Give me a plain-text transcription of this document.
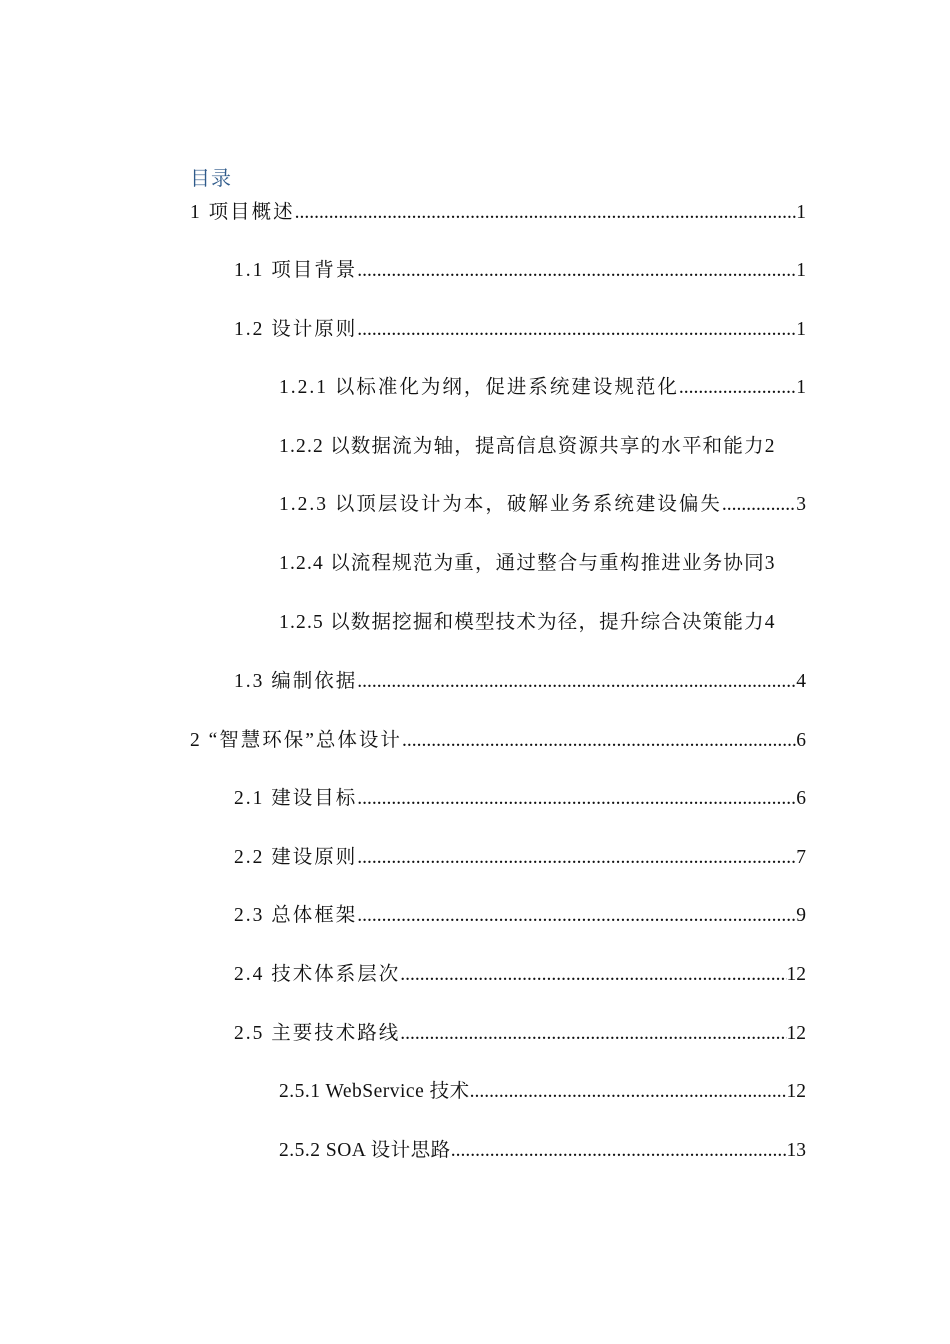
目录
1 项目概述 .....	1
1.1 项目背景 .....	1
1.2 设计原则 .....	1
1.2.1 以标准化为纲，促进系统建设规范化 .....	1
1.2.2 以数据流为轴，提高信息资源共享的水平和能力 2
1.2.3 以顶层设计为本，破解业务系统建设偏失 .....	3
1.2.4 以流程规范为重，通过整合与重构推进业务协同 3
1.2.5 以数据挖掘和模型技术为径，提升综合决策能力 4
1.3 编制依据 .....	4
2 “智慧环保”总体设计 .....	6
2.1 建设目标 .....	6
2.2 建设原则 .....	7
2.3 总体框架 .....	9
2.4 技术体系层次 .....	12
2.5 主要技术路线 .....	12
2.5.1 WebService 技术 .....	12
2.5.2 SOA 设计思路 .....	13
